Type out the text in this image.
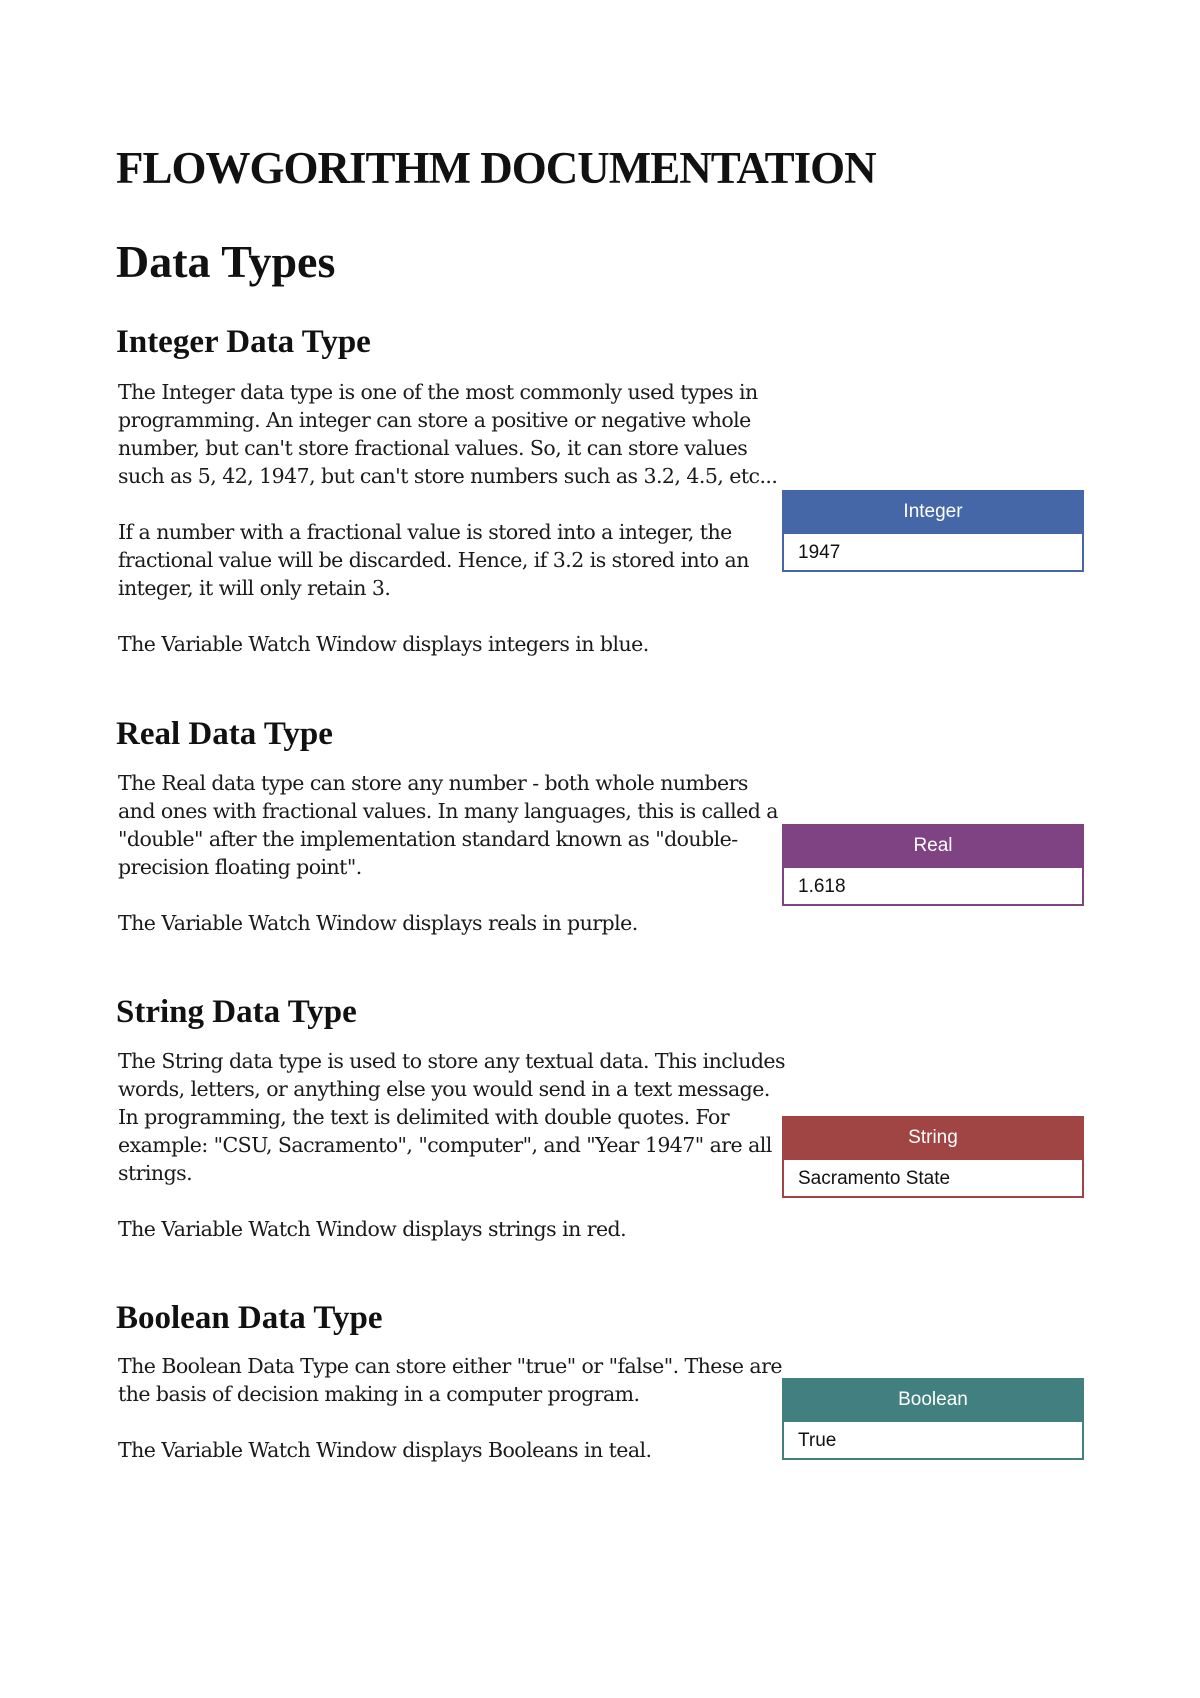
FLOWGORITHM DOCUMENTATION
Data Types
Integer Data Type

The Integer data type is one of the most commonly used types in programming. An integer can store a positive or negative whole number, but can't store fractional values. So, it can store values such as 5, 42, 1947, but can't store numbers such as 3.2, 4.5, etc...

If a number with a fractional value is stored into a integer, the fractional value will be discarded. Hence, if 3.2 is stored into an integer, it will only retain 3.

The Variable Watch Window displays integers in blue.

Integer
1947
Real Data Type

The Real data type can store any number - both whole numbers and ones with fractional values. In many languages, this is called a "double" after the implementation standard known as "double-precision floating point".

The Variable Watch Window displays reals in purple.

Real
1.618
String Data Type

The String data type is used to store any textual data. This includes words, letters, or anything else you would send in a text message. In programming, the text is delimited with double quotes. For example: "CSU, Sacramento", "computer", and "Year 1947" are all strings.

The Variable Watch Window displays strings in red.

String
Sacramento State
Boolean Data Type

The Boolean Data Type can store either "true" or "false". These are the basis of decision making in a computer program.

The Variable Watch Window displays Booleans in teal.

Boolean
True
